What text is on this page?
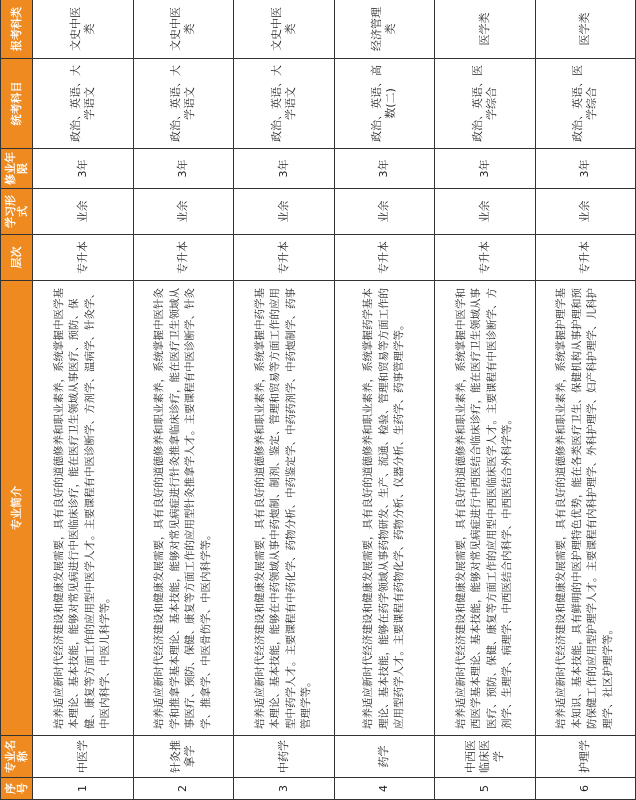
序号	专业名称	专业简介	层次	学习形式	修业年限	统考科目	报考科类
1	中医学	培养适应新时代经济建设和健康发展需要，具有良好的道德修养和职业素养，系统掌握中医学基本理论、基本技能，能够对常见病进行中医临床诊疗，能在医疗卫生领域从事医疗、预防、保健、康复等方面工作的应用型中医学人才。主要课程有中医诊断学、方剂学、温病学、针灸学、中医内科学、中医儿科学等。	专升本	业余	3年	政治、英语、大学语文	文史中医类
2	针灸推拿学	培养适应新时代经济建设和健康发展需要，具有良好的道德修养和职业素养，系统掌握中医针灸学和推拿学基本理论、基本技能，能够对常见病症进行针灸推拿临床诊疗，能在医疗卫生领域从事医疗、预防、保健、康复等方面工作的应用型针灸推拿学人才。主要课程有中医诊断学、针灸学、推拿学、中医骨伤学、中医内科学等。	专升本	业余	3年	政治、英语、大学语文	文史中医类
3	中药学	培养适应新时代经济建设和健康发展需要，具有良好的道德修养和职业素养，系统掌握中药学基本理论、基本技能，能够在中药领域从事中药炮制、制剂、鉴定、管理和贸易等方面工作的应用型中药学人才。主要课程有中药化学、药物分析、中药鉴定学、中药药剂学、中药炮制学、药事管理学等。	专升本	业余	3年	政治、英语、大学语文	文史中医类
4	药学	培养适应新时代经济建设和健康发展需要，具有良好的道德修养和职业素养，系统掌握药学基本理论、基本技能，能够在药学领域从事药物研发、生产、流通、检验、管理和贸易等方面工作的应用型药学人才。主要课程有药物化学、药物分析、仪器分析、生药学、药事管理学等。	专升本	业余	3年	政治、英语、高数(二)	经济管理类
5	中西医临床医学	培养适应新时代经济建设和健康发展需要，具有良好的道德修养和职业素养，系统掌握中医学和西医学基本理论、基本技能，能够对常见病症进行中西医结合临床诊疗，能在医疗卫生领域从事医疗、预防、保健、康复等方面工作的应用型中西医临床医学人才。主要课程有中医诊断学、方剂学、生理学、病理学、中西医结合内科学、中西医结合外科学等。	专升本	业余	3年	政治、英语、医学综合	医学类
6	护理学	培养适应新时代经济建设和健康发展需要，具有良好的道德修养和职业素养，系统掌握护理学基本知识、基本技能，具有鲜明的中医护理特色优势，能在各类医疗卫生、保健机构从事护理和预防保健工作的应用型护理学人才。主要课程有内科护理学、外科护理学、妇产科护理学、儿科护理学、社区护理学等。	专升本	业余	3年	政治、英语、医学综合	医学类
